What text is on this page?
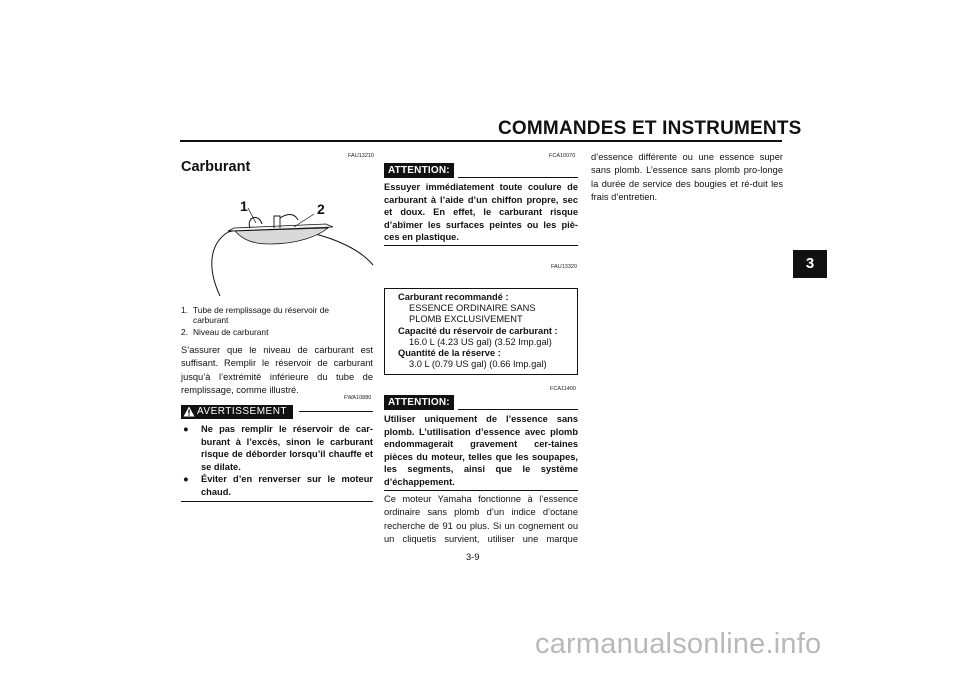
COMMANDES ET INSTRUMENTS
3
FAU13210
Carburant
1	2
1. Tube de remplissage du réservoir de
carburant
2. Niveau de carburant
S’assurer que le niveau de carburant est suffisant. Remplir le réservoir de carburant jusqu’à l’extrémité inférieure du tube de remplissage, comme illustré.
FWA10880
AVERTISSEMENT
●	Ne pas remplir le réservoir de car-burant à l’excès, sinon le carburant risque de déborder lorsqu’il chauffe et se dilate.
●	Éviter d’en renverser sur le moteur chaud.
FCA10070
ATTENTION:
Essuyer immédiatement toute coulure de carburant à l’aide d’un chiffon propre, sec et doux. En effet, le carburant risque d’abîmer les surfaces peintes ou les piè-ces en plastique.
FAU13320
Carburant recommandé :
ESSENCE ORDINAIRE SANS
PLOMB EXCLUSIVEMENT
Capacité du réservoir de carburant :
16.0 L (4.23 US gal) (3.52 Imp.gal)
Quantité de la réserve :
3.0 L (0.79 US gal) (0.66 Imp.gal)
FCA11400
ATTENTION:
Utiliser uniquement de l’essence sans plomb. L’utilisation d’essence avec plomb endommagerait gravement cer-taines pièces du moteur, telles que les soupapes, les segments, ainsi que le système d’échappement.
Ce moteur Yamaha fonctionne à l’essence ordinaire sans plomb d’un indice d’octane recherche de 91 ou plus. Si un cognement ou un cliquetis survient, utiliser une marque
d’essence différente ou une essence super sans plomb. L’essence sans plomb pro-longe la durée de service des bougies et ré-duit les frais d’entretien.
3-9
carmanualsonline.info
